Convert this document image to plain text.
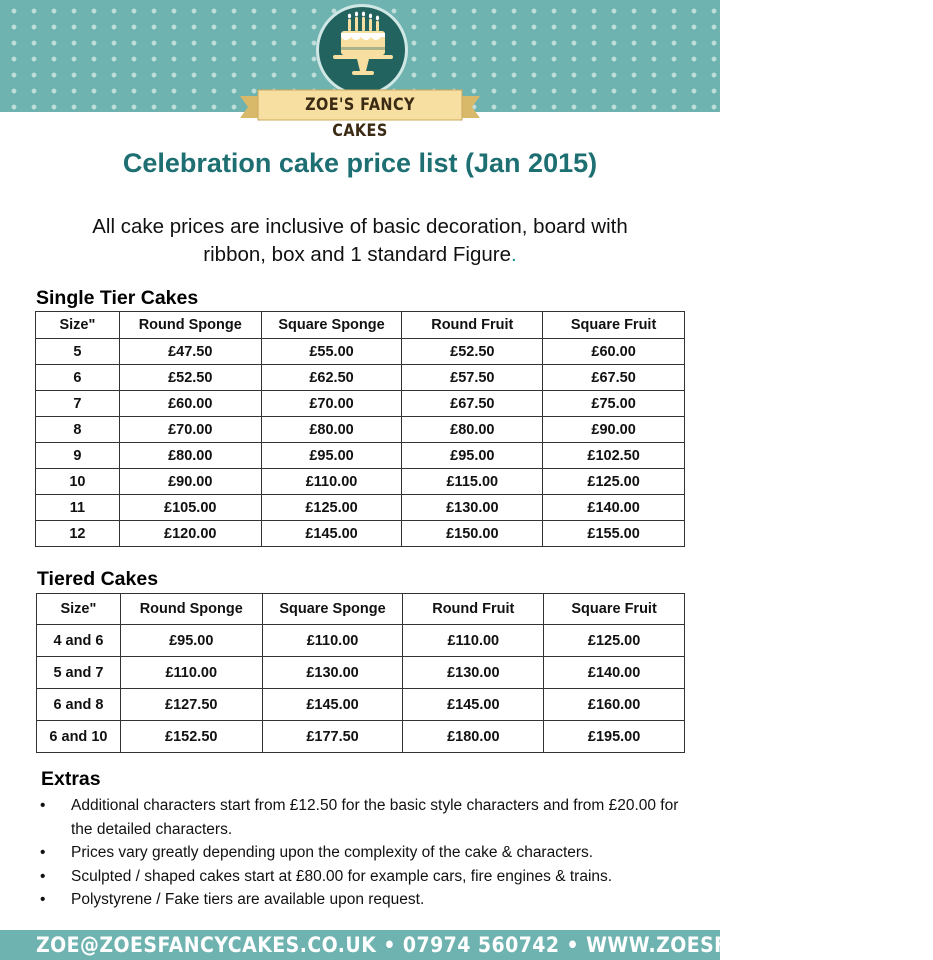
ZOE'S FANCY CAKES
Celebration cake price list (Jan 2015)
All cake prices are inclusive of basic decoration, board with
ribbon, box and 1 standard Figure.
Single Tier Cakes
Size"	Round Sponge	Square Sponge	Round Fruit	Square Fruit
5	£47.50	£55.00	£52.50	£60.00
6	£52.50	£62.50	£57.50	£67.50
7	£60.00	£70.00	£67.50	£75.00
8	£70.00	£80.00	£80.00	£90.00
9	£80.00	£95.00	£95.00	£102.50
10	£90.00	£110.00	£115.00	£125.00
11	£105.00	£125.00	£130.00	£140.00
12	£120.00	£145.00	£150.00	£155.00
Tiered Cakes
Size"	Round Sponge	Square Sponge	Round Fruit	Square Fruit
4 and 6	£95.00	£110.00	£110.00	£125.00
5 and 7	£110.00	£130.00	£130.00	£140.00
6 and 8	£127.50	£145.00	£145.00	£160.00
6 and 10	£152.50	£177.50	£180.00	£195.00
Extras
• Additional characters start from £12.50 for the basic style characters and from £20.00 for the detailed characters.
• Prices vary greatly depending upon the complexity of the cake & characters.
• Sculpted / shaped cakes start at £80.00 for example cars, fire engines & trains.
• Polystyrene / Fake tiers are available upon request.
ZOE@ZOESFANCYCAKES.CO.UK • 07974 560742 • WWW.ZOESFANCYCAKES.CO.UK
